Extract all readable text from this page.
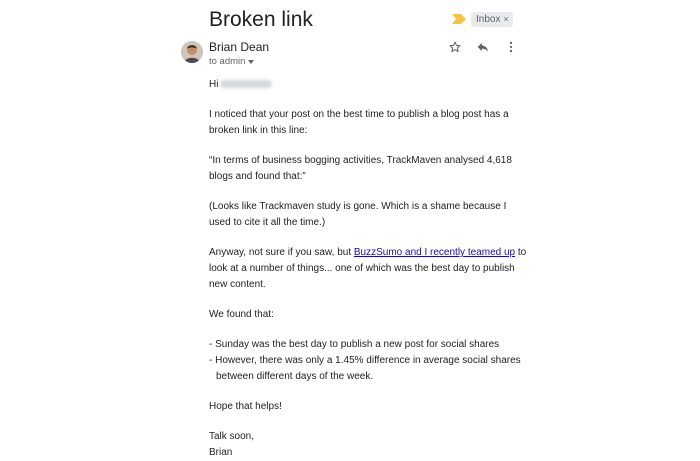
Broken link	Inbox ×
Brian Dean
to admin

Hi

I noticed that your post on the best time to publish a blog post has a broken link in this line:

“In terms of business bogging activities, TrackMaven analysed 4,618 blogs and found that:”

(Looks like Trackmaven study is gone. Which is a shame because I used to cite it all the time.)

Anyway, not sure if you saw, but BuzzSumo and I recently teamed up to look at a number of things... one of which was the best day to publish new content.

We found that:

- Sunday was the best day to publish a new post for social shares
- However, there was only a 1.45% difference in average social shares
between different days of the week.

Hope that helps!

Talk soon,
Brian
